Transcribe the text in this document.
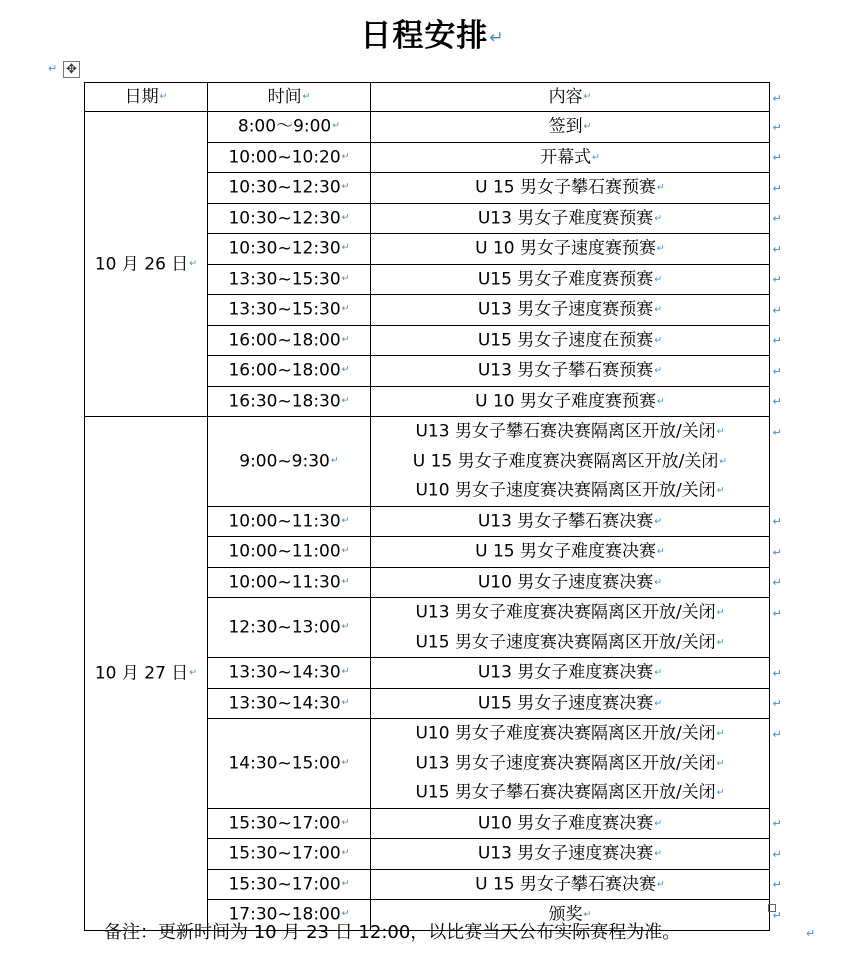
日程安排↵
↵ ✥
日期↵	时间↵	内容↵
10 月 26 日↵	8:00～9:00↵	签到↵

	10:00~10:20↵	开幕式↵

	10:30~12:30↵	U 15 男女子攀石赛预赛↵

	10:30~12:30↵	U13 男女子难度赛预赛↵

	10:30~12:30↵	U 10 男女子速度赛预赛↵

	13:30~15:30↵	U15 男女子难度赛预赛↵

	13:30~15:30↵	U13 男女子速度赛预赛↵

	16:00~18:00↵	U15 男女子速度在预赛↵

	16:00~18:00↵	U13 男女子攀石赛预赛↵

	16:30~18:30↵	U 10 男女子难度赛预赛↵

10 月 27 日↵	9:00~9:30↵	U13 男女子攀石赛决赛隔离区开放/关闭↵
U 15 男女子难度赛决赛隔离区开放/关闭↵
U10 男女子速度赛决赛隔离区开放/关闭↵

	10:00~11:30↵	U13 男女子攀石赛决赛↵

	10:00~11:00↵	U 15 男女子难度赛决赛↵

	10:00~11:30↵	U10 男女子速度赛决赛↵

	12:30~13:00↵	U13 男女子难度赛决赛隔离区开放/关闭↵
U15 男女子速度赛决赛隔离区开放/关闭↵

	13:30~14:30↵	U13 男女子难度赛决赛↵

	13:30~14:30↵	U15 男女子速度赛决赛↵

	14:30~15:00↵	U10 男女子难度赛决赛隔离区开放/关闭↵
U13 男女子速度赛决赛隔离区开放/关闭↵
U15 男女子攀石赛决赛隔离区开放/关闭↵

	15:30~17:00↵	U10 男女子难度赛决赛↵

	15:30~17:00↵	U13 男女子速度赛决赛↵

	15:30~17:00↵	U 15 男女子攀石赛决赛↵

	17:30~18:00↵	颁奖↵
↵
↵
↵
↵
↵
↵
↵
↵
↵
↵
↵
↵
↵
↵
↵
↵
↵
↵
↵
↵
↵
↵
↵
备注：更新时间为 10 月 23 日 12:00，以比赛当天公布实际赛程为准。	↵
